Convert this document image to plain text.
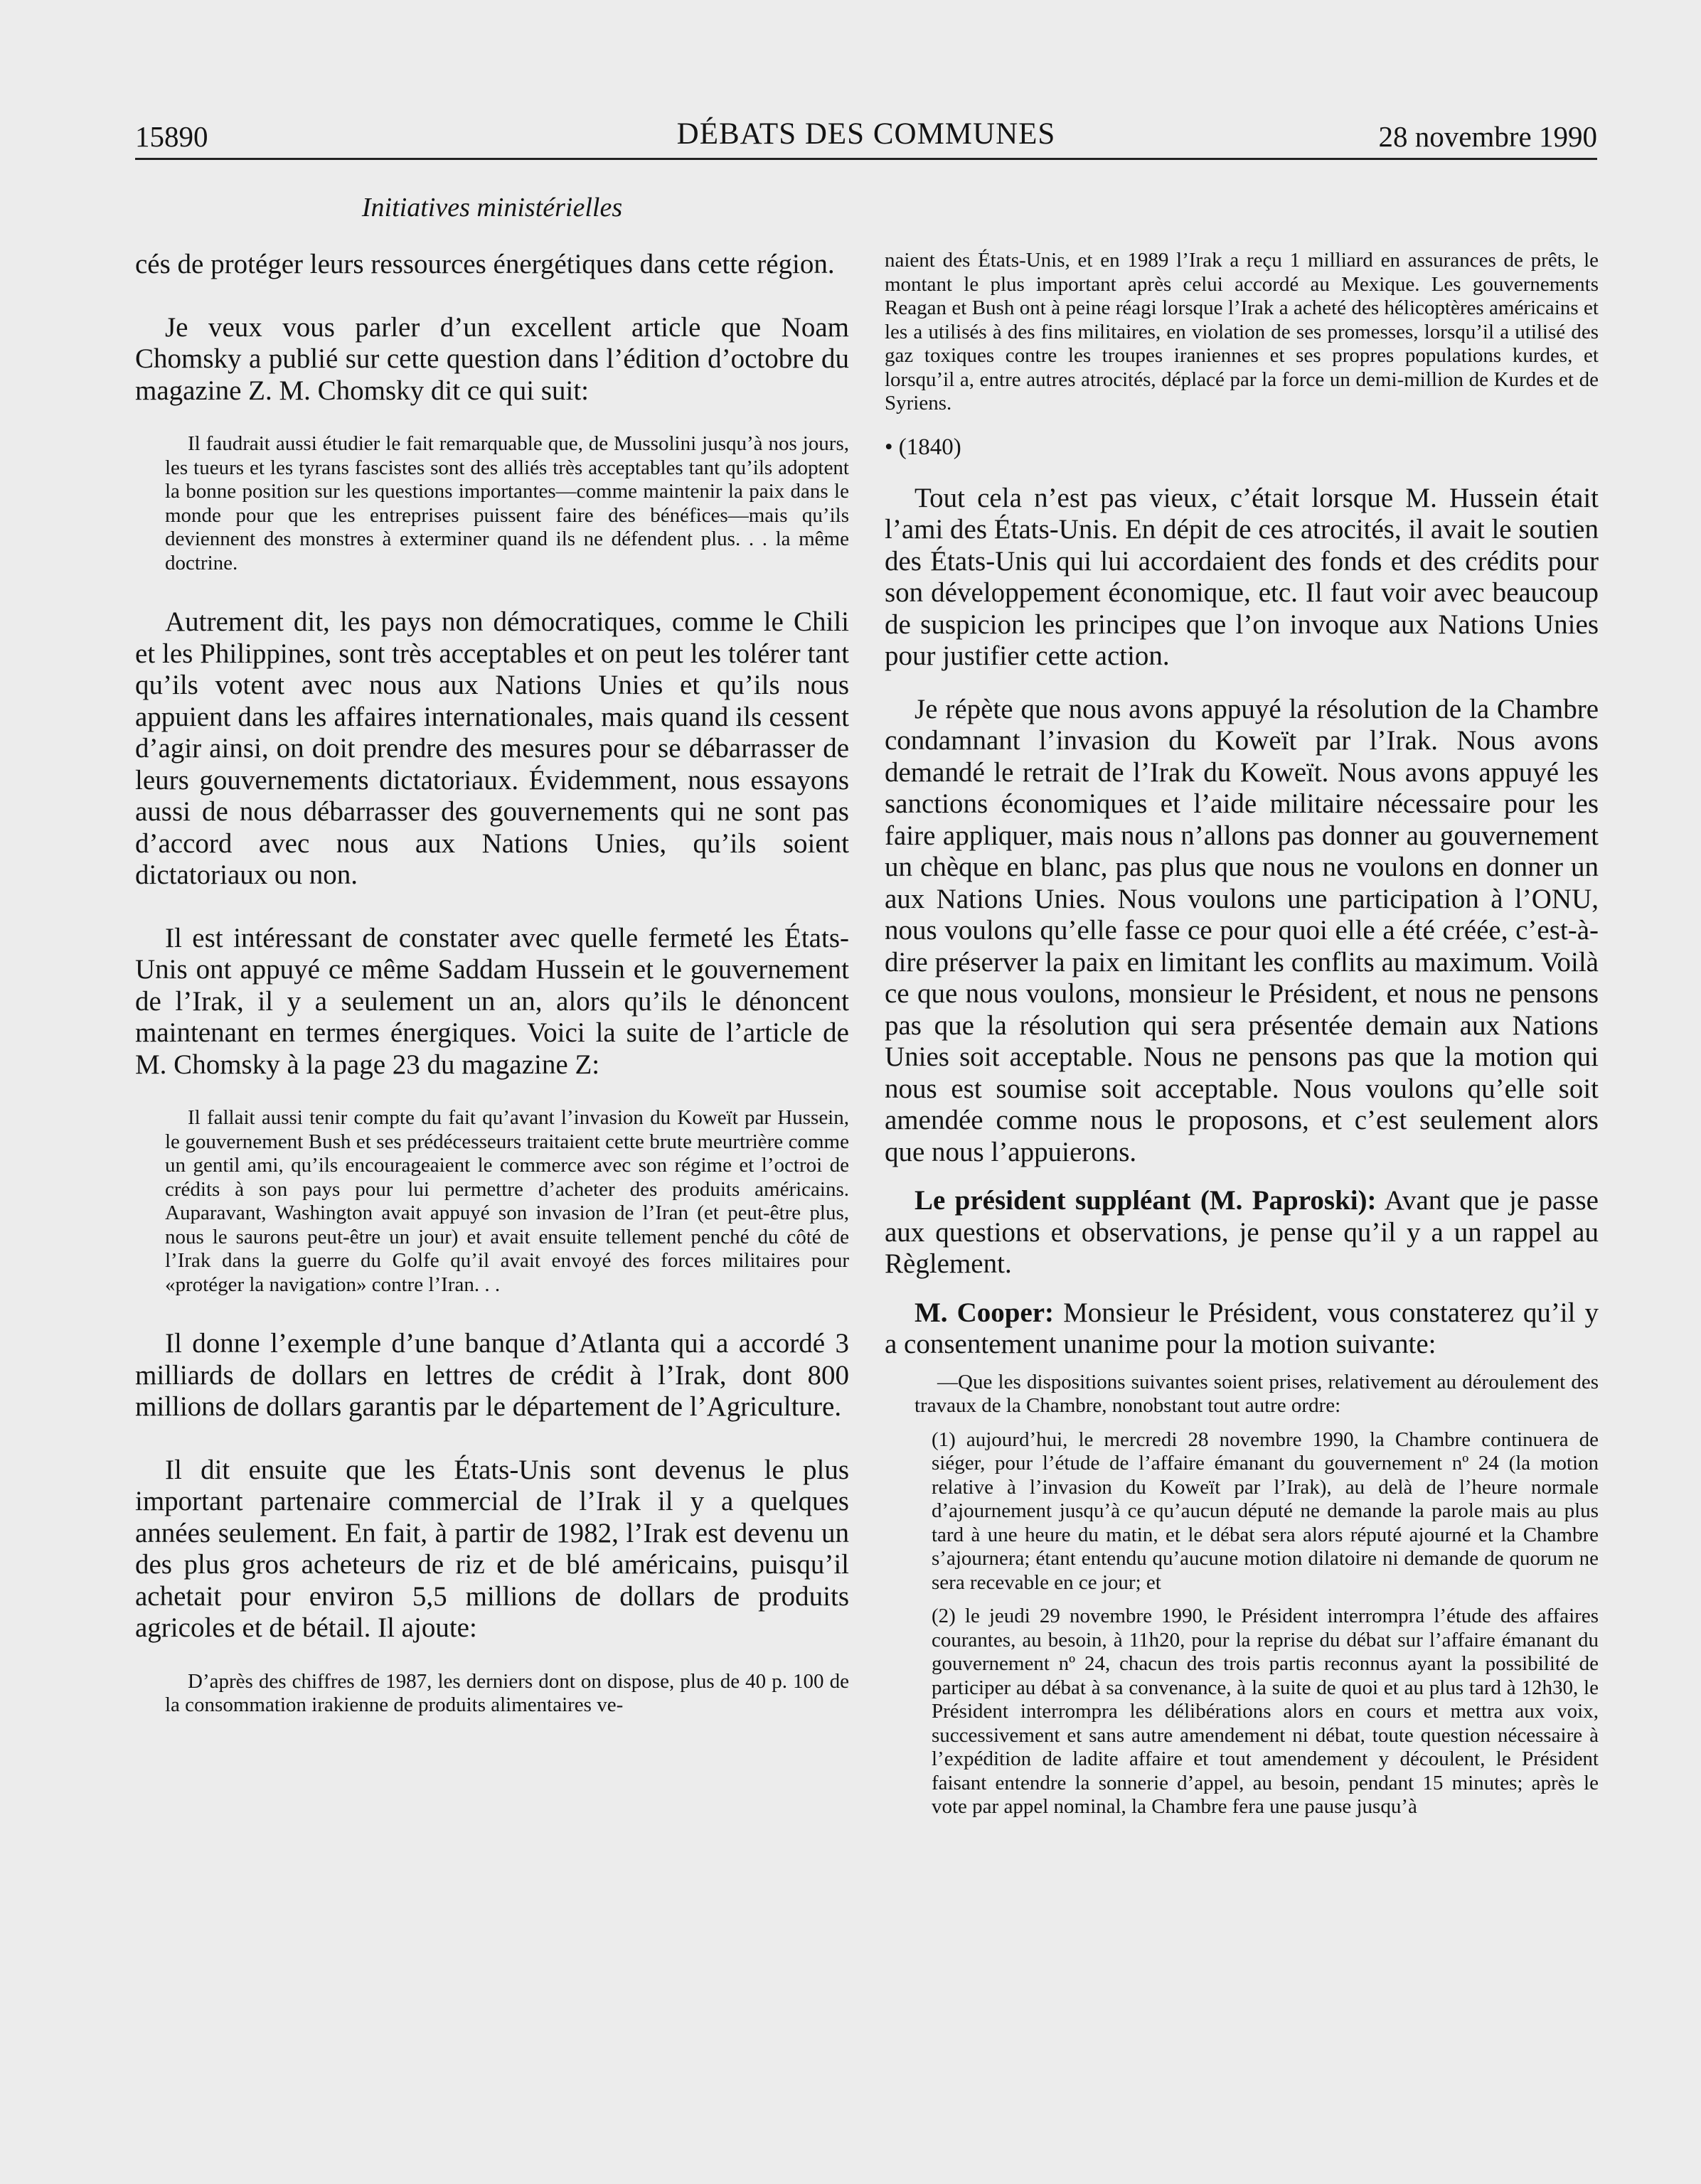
15890	DÉBATS DES COMMUNES	28 novembre 1990
Initiatives ministérielles

cés de protéger leurs ressources énergétiques dans cette région.

Je veux vous parler d’un excellent article que Noam Chomsky a publié sur cette question dans l’édition d’octobre du magazine Z. M. Chomsky dit ce qui suit:

Il faudrait aussi étudier le fait remarquable que, de Mussolini jusqu’à nos jours, les tueurs et les tyrans fascistes sont des alliés très acceptables tant qu’ils adoptent la bonne position sur les questions importantes—comme maintenir la paix dans le monde pour que les entreprises puissent faire des bénéfices—mais qu’ils deviennent des monstres à exterminer quand ils ne défendent plus. . . la même doctrine.

Autrement dit, les pays non démocratiques, comme le Chili et les Philippines, sont très acceptables et on peut les tolérer tant qu’ils votent avec nous aux Nations Unies et qu’ils nous appuient dans les affaires internationales, mais quand ils cessent d’agir ainsi, on doit prendre des mesures pour se débarrasser de leurs gouvernements dictatoriaux. Évidemment, nous essayons aussi de nous débarrasser des gouvernements qui ne sont pas d’accord avec nous aux Nations Unies, qu’ils soient dictatoriaux ou non.

Il est intéressant de constater avec quelle fermeté les États-Unis ont appuyé ce même Saddam Hussein et le gouvernement de l’Irak, il y a seulement un an, alors qu’ils le dénoncent maintenant en termes énergiques. Voici la suite de l’article de M. Chomsky à la page 23 du magazine Z:

Il fallait aussi tenir compte du fait qu’avant l’invasion du Koweït par Hussein, le gouvernement Bush et ses prédécesseurs traitaient cette brute meurtrière comme un gentil ami, qu’ils encourageaient le commerce avec son régime et l’octroi de crédits à son pays pour lui permettre d’acheter des produits américains. Auparavant, Washington avait appuyé son invasion de l’Iran (et peut-être plus, nous le saurons peut-être un jour) et avait ensuite tellement penché du côté de l’Irak dans la guerre du Golfe qu’il avait envoyé des forces militaires pour «protéger la navigation» contre l’Iran. . .

Il donne l’exemple d’une banque d’Atlanta qui a accordé 3 milliards de dollars en lettres de crédit à l’Irak, dont 800 millions de dollars garantis par le département de l’Agriculture.

Il dit ensuite que les États-Unis sont devenus le plus important partenaire commercial de l’Irak il y a quelques années seulement. En fait, à partir de 1982, l’Irak est devenu un des plus gros acheteurs de riz et de blé américains, puisqu’il achetait pour environ 5,5 millions de dollars de produits agricoles et de bétail. Il ajoute:

D’après des chiffres de 1987, les derniers dont on dispose, plus de 40 p. 100 de la consommation irakienne de produits alimentaires ve-

naient des États-Unis, et en 1989 l’Irak a reçu 1 milliard en assurances de prêts, le montant le plus important après celui accordé au Mexique. Les gouvernements Reagan et Bush ont à peine réagi lorsque l’Irak a acheté des hélicoptères américains et les a utilisés à des fins militaires, en violation de ses promesses, lorsqu’il a utilisé des gaz toxiques contre les troupes iraniennes et ses propres populations kurdes, et lorsqu’il a, entre autres atrocités, déplacé par la force un demi-million de Kurdes et de Syriens.

• (1840)

Tout cela n’est pas vieux, c’était lorsque M. Hussein était l’ami des États-Unis. En dépit de ces atrocités, il avait le soutien des États-Unis qui lui accordaient des fonds et des crédits pour son développement économique, etc. Il faut voir avec beaucoup de suspicion les principes que l’on invoque aux Nations Unies pour justifier cette action.

Je répète que nous avons appuyé la résolution de la Chambre condamnant l’invasion du Koweït par l’Irak. Nous avons demandé le retrait de l’Irak du Koweït. Nous avons appuyé les sanctions économiques et l’aide militaire nécessaire pour les faire appliquer, mais nous n’allons pas donner au gouvernement un chèque en blanc, pas plus que nous ne voulons en donner un aux Nations Unies. Nous voulons une participation à l’ONU, nous voulons qu’elle fasse ce pour quoi elle a été créée, c’est-à-dire préserver la paix en limitant les conflits au maximum. Voilà ce que nous voulons, monsieur le Président, et nous ne pensons pas que la résolution qui sera présentée demain aux Nations Unies soit acceptable. Nous ne pensons pas que la motion qui nous est soumise soit acceptable. Nous voulons qu’elle soit amendée comme nous le proposons, et c’est seulement alors que nous l’appuierons.

Le président suppléant (M. Paproski): Avant que je passe aux questions et observations, je pense qu’il y a un rappel au Règlement.

M. Cooper: Monsieur le Président, vous constaterez qu’il y a consentement unanime pour la motion suivante:

—Que les dispositions suivantes soient prises, relativement au déroulement des travaux de la Chambre, nonobstant tout autre ordre:

(1) aujourd’hui, le mercredi 28 novembre 1990, la Chambre continuera de siéger, pour l’étude de l’affaire émanant du gouvernement nº 24 (la motion relative à l’invasion du Koweït par l’Irak), au delà de l’heure normale d’ajournement jusqu’à ce qu’aucun député ne demande la parole mais au plus tard à une heure du matin, et le débat sera alors réputé ajourné et la Chambre s’ajournera; étant entendu qu’aucune motion dilatoire ni demande de quorum ne sera recevable en ce jour; et

(2) le jeudi 29 novembre 1990, le Président interrompra l’étude des affaires courantes, au besoin, à 11h20, pour la reprise du débat sur l’affaire émanant du gouvernement nº 24, chacun des trois partis reconnus ayant la possibilité de participer au débat à sa convenance, à la suite de quoi et au plus tard à 12h30, le Président interrompra les délibérations alors en cours et mettra aux voix, successivement et sans autre amendement ni débat, toute question nécessaire à l’expédition de ladite affaire et tout amendement y découlent, le Président faisant entendre la sonnerie d’appel, au besoin, pendant 15 minutes; après le vote par appel nominal, la Chambre fera une pause jusqu’à
